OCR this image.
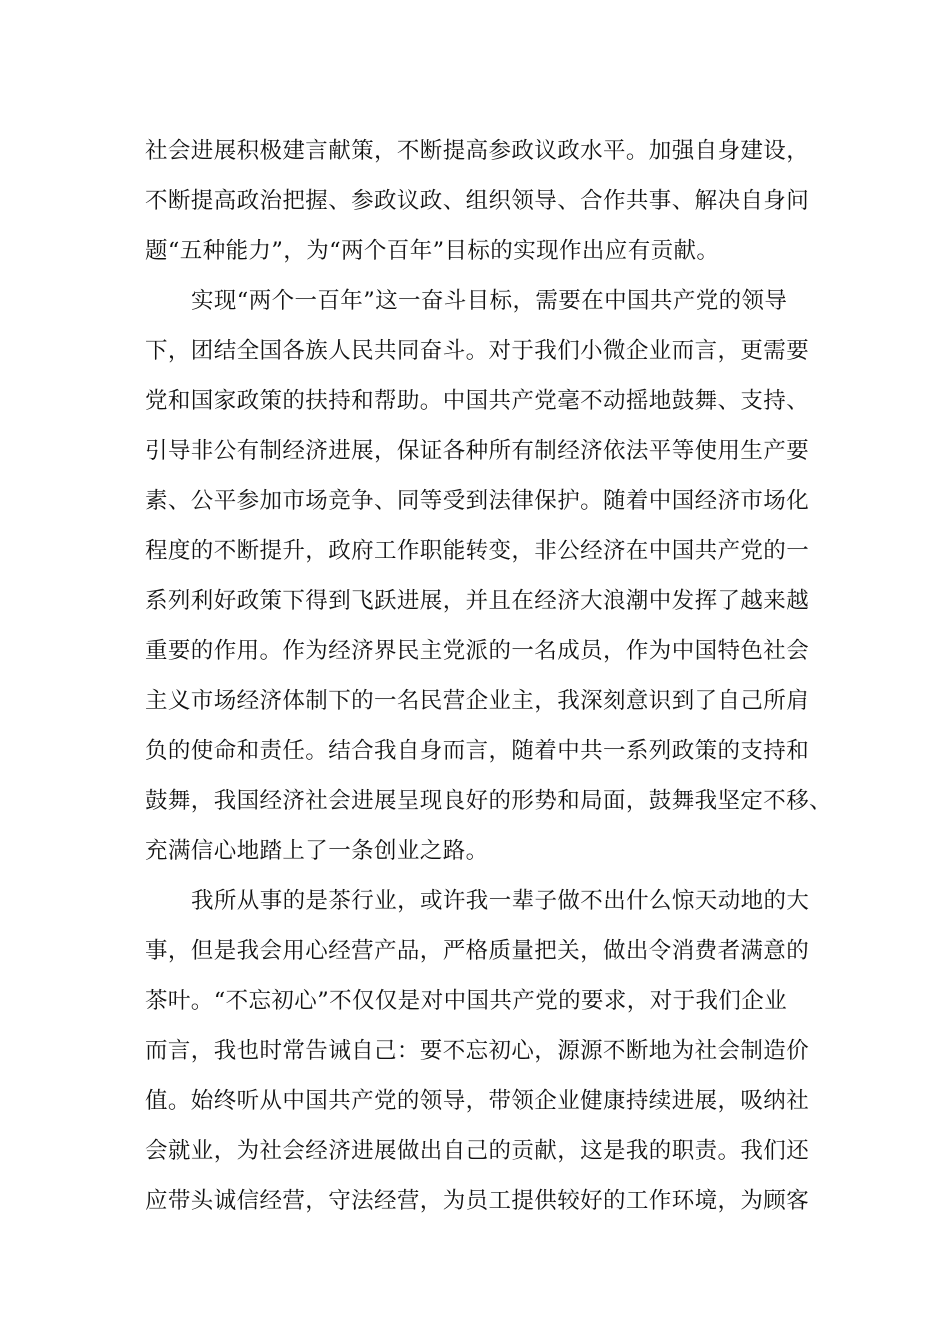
社会进展积极建言献策，不断提高参政议政水平。加强自身建设，
不断提高政治把握、参政议政、组织领导、合作共事、解决自身问
题“五种能力”，为“两个百年”目标的实现作出应有贡献。
实现“两个一百年”这一奋斗目标，需要在中国共产党的领导
下，团结全国各族人民共同奋斗。对于我们小微企业而言，更需要
党和国家政策的扶持和帮助。中国共产党毫不动摇地鼓舞、支持、
引导非公有制经济进展，保证各种所有制经济依法平等使用生产要
素、公平参加市场竞争、同等受到法律保护。随着中国经济市场化
程度的不断提升，政府工作职能转变，非公经济在中国共产党的一
系列利好政策下得到飞跃进展，并且在经济大浪潮中发挥了越来越
重要的作用。作为经济界民主党派的一名成员，作为中国特色社会
主义市场经济体制下的一名民营企业主，我深刻意识到了自己所肩
负的使命和责任。结合我自身而言，随着中共一系列政策的支持和
鼓舞，我国经济社会进展呈现良好的形势和局面，鼓舞我坚定不移、
充满信心地踏上了一条创业之路。
我所从事的是茶行业，或许我一辈子做不出什么惊天动地的大
事，但是我会用心经营产品，严格质量把关，做出令消费者满意的
茶叶。“不忘初心”不仅仅是对中国共产党的要求，对于我们企业
而言，我也时常告诫自己：要不忘初心，源源不断地为社会制造价
值。始终听从中国共产党的领导，带领企业健康持续进展，吸纳社
会就业，为社会经济进展做出自己的贡献，这是我的职责。我们还
应带头诚信经营，守法经营，为员工提供较好的工作环境，为顾客
